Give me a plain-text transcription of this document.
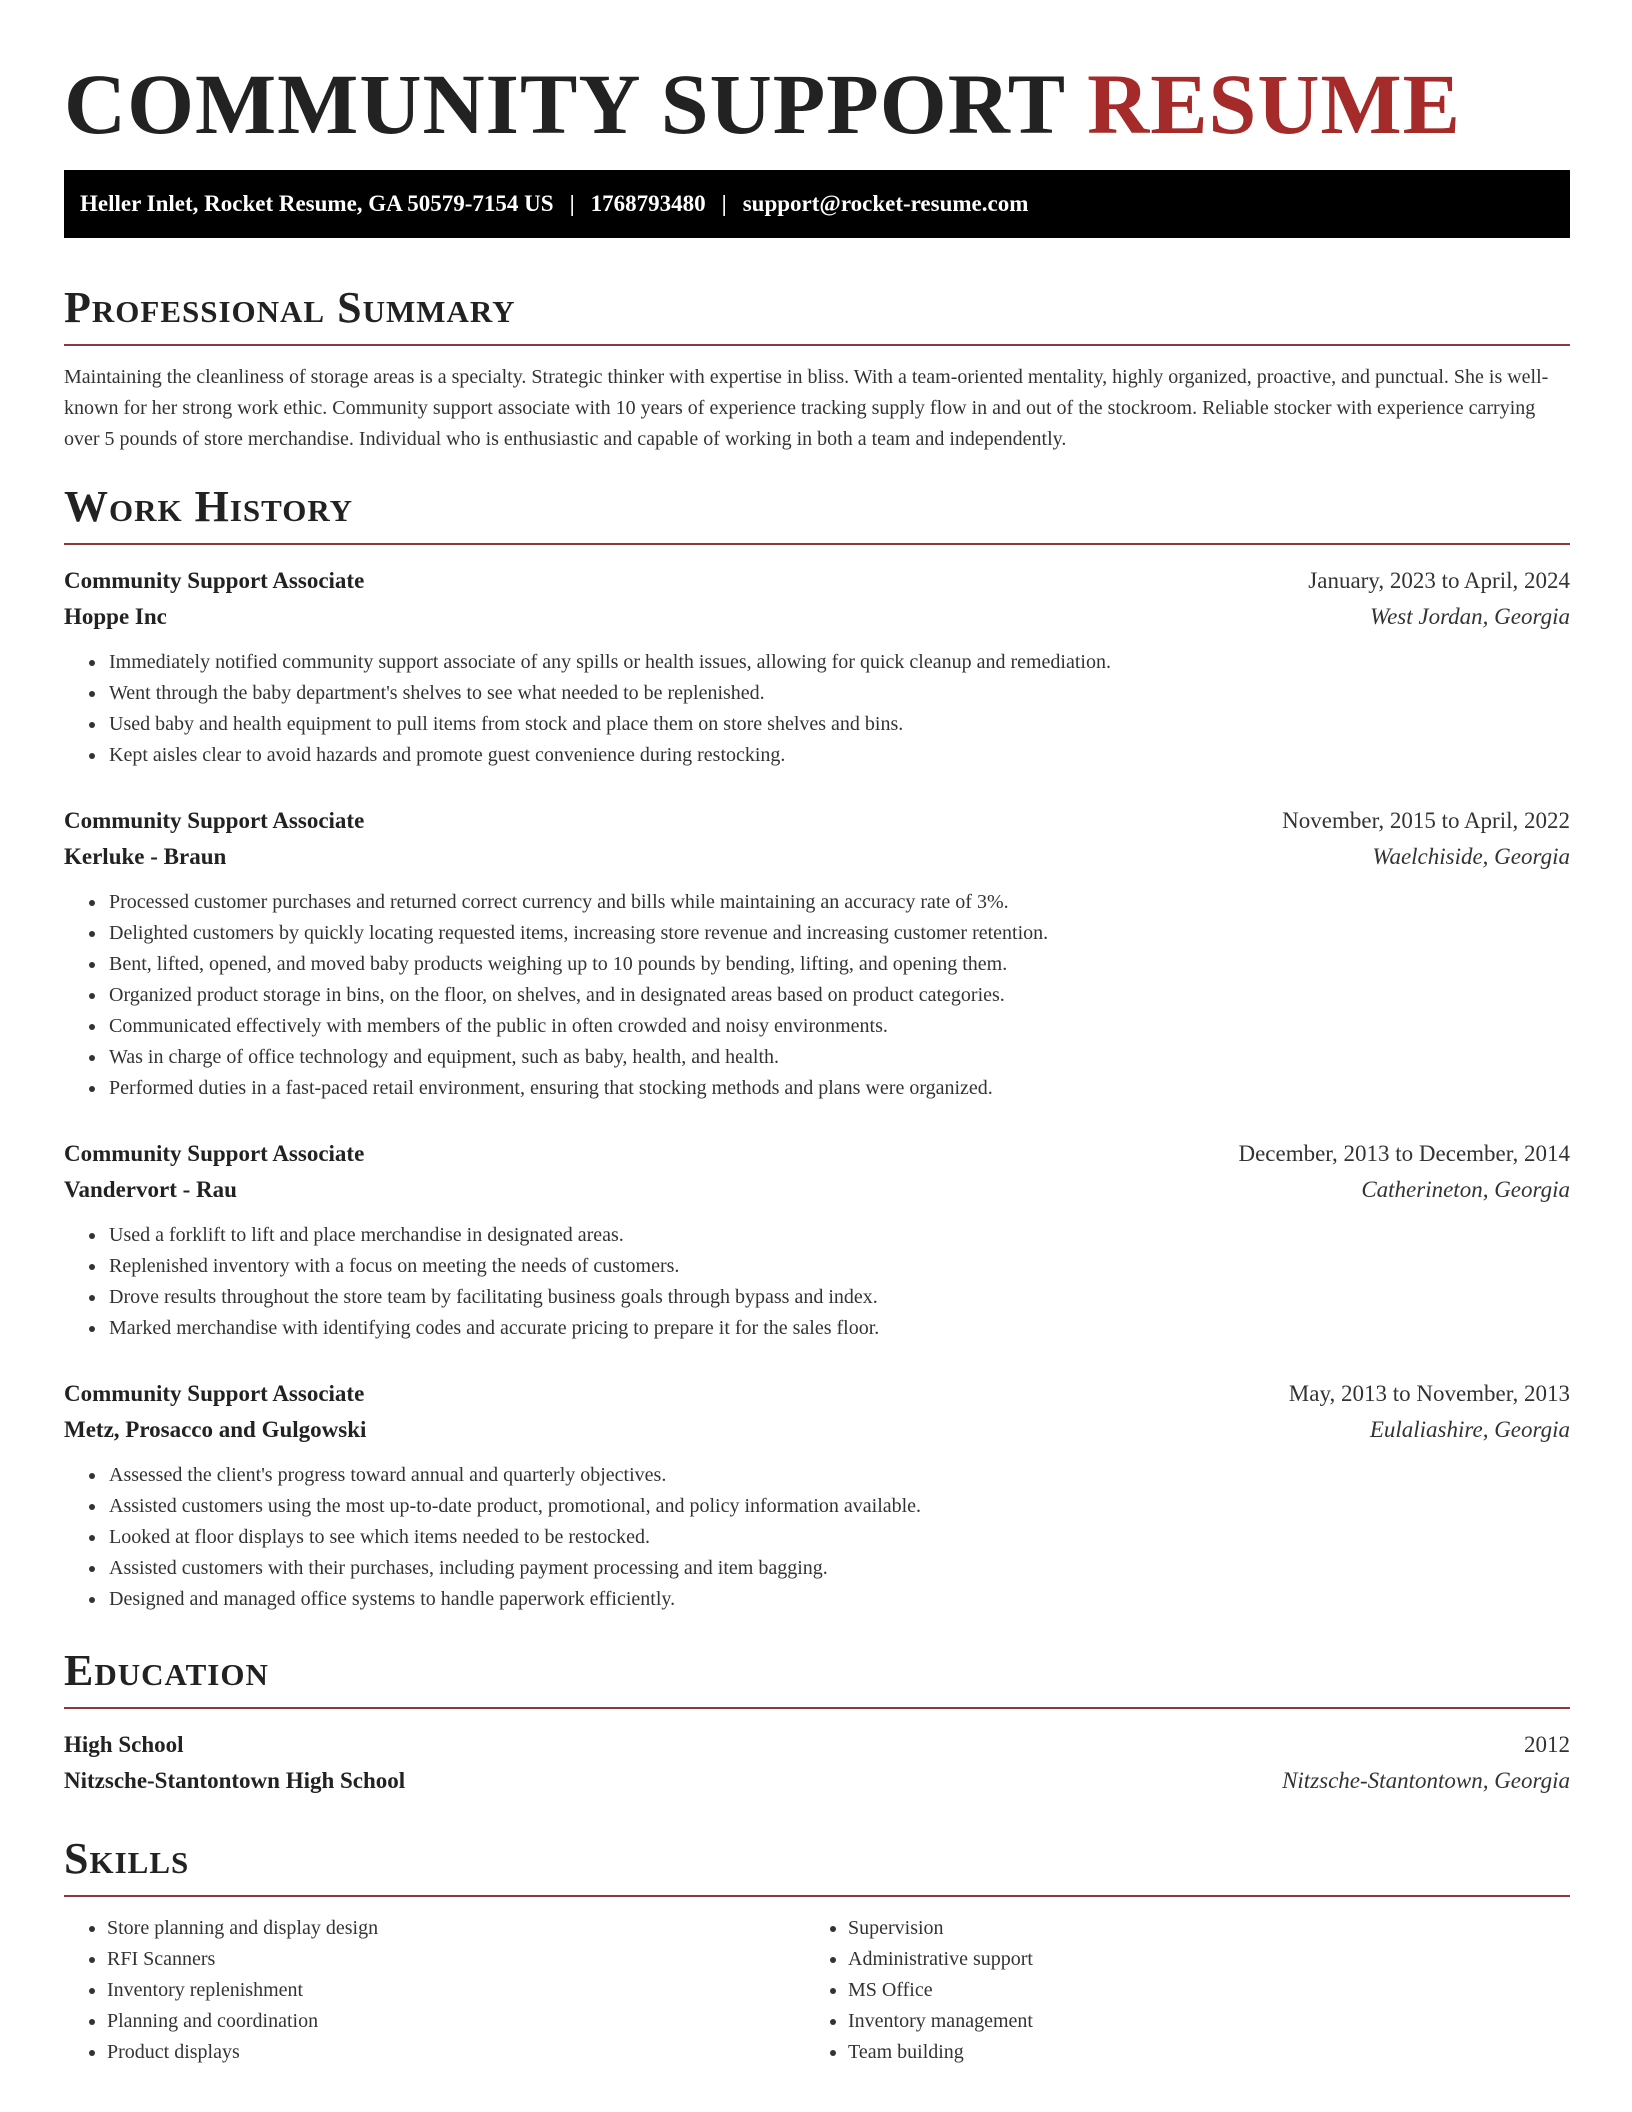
COMMUNITY SUPPORT RESUME
Heller Inlet, Rocket Resume, GA 50579-7154 US | 1768793480 | support@rocket-resume.com
Professional Summary

Maintaining the cleanliness of storage areas is a specialty. Strategic thinker with expertise in bliss. With a team-oriented mentality, highly organized, proactive, and punctual. She is well-known for her strong work ethic. Community support associate with 10 years of experience tracking supply flow in and out of the stockroom. Reliable stocker with experience carrying over 5 pounds of store merchandise. Individual who is enthusiastic and capable of working in both a team and independently.

Work History
Community Support Associate	January, 2023 to April, 2024
Hoppe Inc	West Jordan, Georgia
• Immediately notified community support associate of any spills or health issues, allowing for quick cleanup and remediation.
• Went through the baby department's shelves to see what needed to be replenished.
• Used baby and health equipment to pull items from stock and place them on store shelves and bins.
• Kept aisles clear to avoid hazards and promote guest convenience during restocking.
Community Support Associate	November, 2015 to April, 2022
Kerluke - Braun	Waelchiside, Georgia
• Processed customer purchases and returned correct currency and bills while maintaining an accuracy rate of 3%.
• Delighted customers by quickly locating requested items, increasing store revenue and increasing customer retention.
• Bent, lifted, opened, and moved baby products weighing up to 10 pounds by bending, lifting, and opening them.
• Organized product storage in bins, on the floor, on shelves, and in designated areas based on product categories.
• Communicated effectively with members of the public in often crowded and noisy environments.
• Was in charge of office technology and equipment, such as baby, health, and health.
• Performed duties in a fast-paced retail environment, ensuring that stocking methods and plans were organized.
Community Support Associate	December, 2013 to December, 2014
Vandervort - Rau	Catherineton, Georgia
• Used a forklift to lift and place merchandise in designated areas.
• Replenished inventory with a focus on meeting the needs of customers.
• Drove results throughout the store team by facilitating business goals through bypass and index.
• Marked merchandise with identifying codes and accurate pricing to prepare it for the sales floor.
Community Support Associate	May, 2013 to November, 2013
Metz, Prosacco and Gulgowski	Eulaliashire, Georgia
• Assessed the client's progress toward annual and quarterly objectives.
• Assisted customers using the most up-to-date product, promotional, and policy information available.
• Looked at floor displays to see which items needed to be restocked.
• Assisted customers with their purchases, including payment processing and item bagging.
• Designed and managed office systems to handle paperwork efficiently.
Education
High School	2012
Nitzsche-Stantontown High School	Nitzsche-Stantontown, Georgia
Skills
• Store planning and display design
• RFI Scanners
• Inventory replenishment
• Planning and coordination
• Product displays
• Supervision
• Administrative support
• MS Office
• Inventory management
• Team building
